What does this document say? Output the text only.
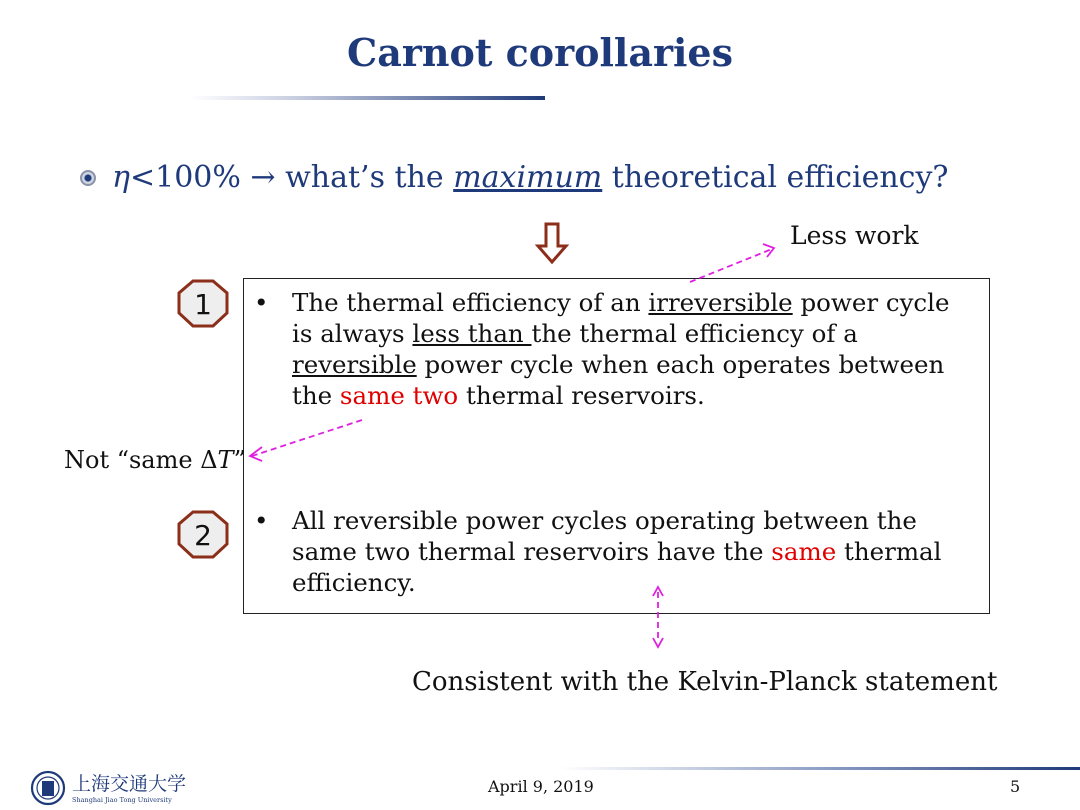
Carnot corollaries
η<100% → what’s the maximum theoretical efficiency?
Less work
1
2
• The thermal efficiency of an irreversible power cycle is always less than the thermal efficiency of a reversible power cycle when each operates between the same two thermal reservoirs.
• All reversible power cycles operating between the same two thermal reservoirs have the same thermal efficiency.
Not “same ΔT”
Consistent with the Kelvin-Planck statement
上海交通大学
Shanghai Jiao Tong University
April 9, 2019	5
